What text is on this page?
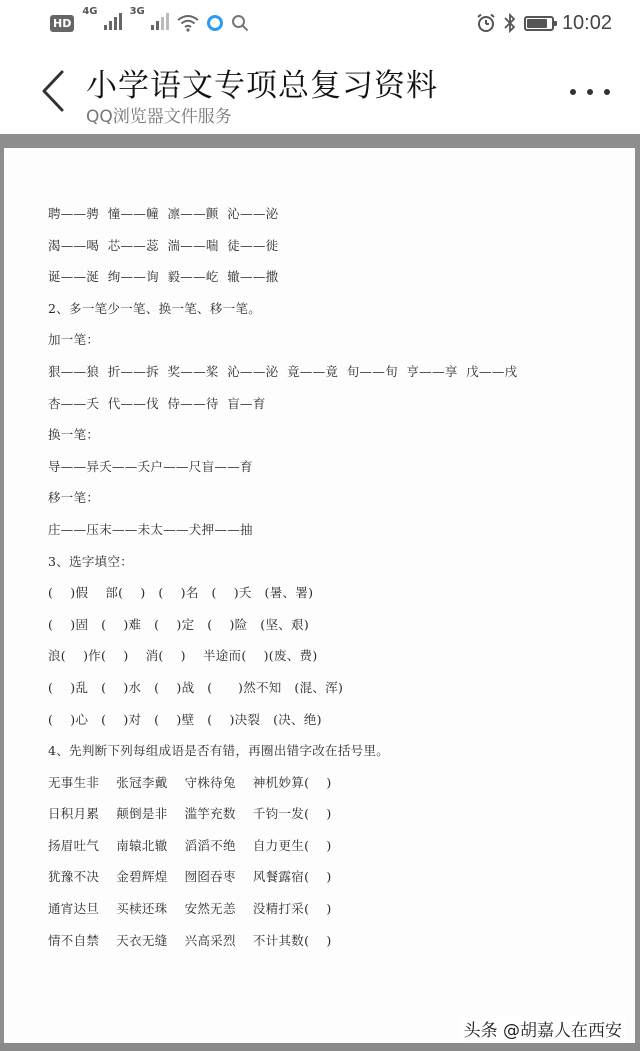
HD
$^{4G}$	$^{3G}$
10:02
小学语文专项总复习资料
QQ浏览器文件服务
聘——骋  憧——幢  凛——颤  沁——泌
渴——喝  芯——蕊  湍——喘  徒——徙
诞——涎  绚——询  毅——屹  辙——撒
2、多一笔少一笔、换一笔、移一笔。
加一笔：
狠——狼  折——拆  奖——桨  沁——泌  竟——竟  旬——旬  亨——享  戊——戌
杏——夭  代——伐  侍——待  盲—育
换一笔：
导——异夭——夭户——尺盲——育
移一笔：
庄——压末——未太——犬押——抽
3、选字填空：
(    )假    部(    )   (    )名   (    )夭   (暑、署)
(    )固   (    )难   (    )定   (    )险   (坚、艰)
浪(    )作(    )    消(    )    半途而(    )(废、费)
(    )乱   (    )水   (    )战   (      )然不知   (混、浑)
(    )心   (    )对   (    )壁   (    )决裂   (决、绝)
4、先判断下列每组成语是否有错，再圈出错字改在括号里。
无事生非    张冠李戴    守株待兔    神机妙算(    )
日积月累    颠倒是非    滥竽充数    千钧一发(    )
扬眉吐气    南辕北辙    滔滔不绝    自力更生(    )
犹豫不决    金碧辉煌    囫囵吞枣    风餐露宿(    )
通宵达旦    买椟还珠    安然无恙    没精打采(    )
情不自禁    天衣无缝    兴高采烈    不计其数(    )
头条 @胡嘉人在西安
